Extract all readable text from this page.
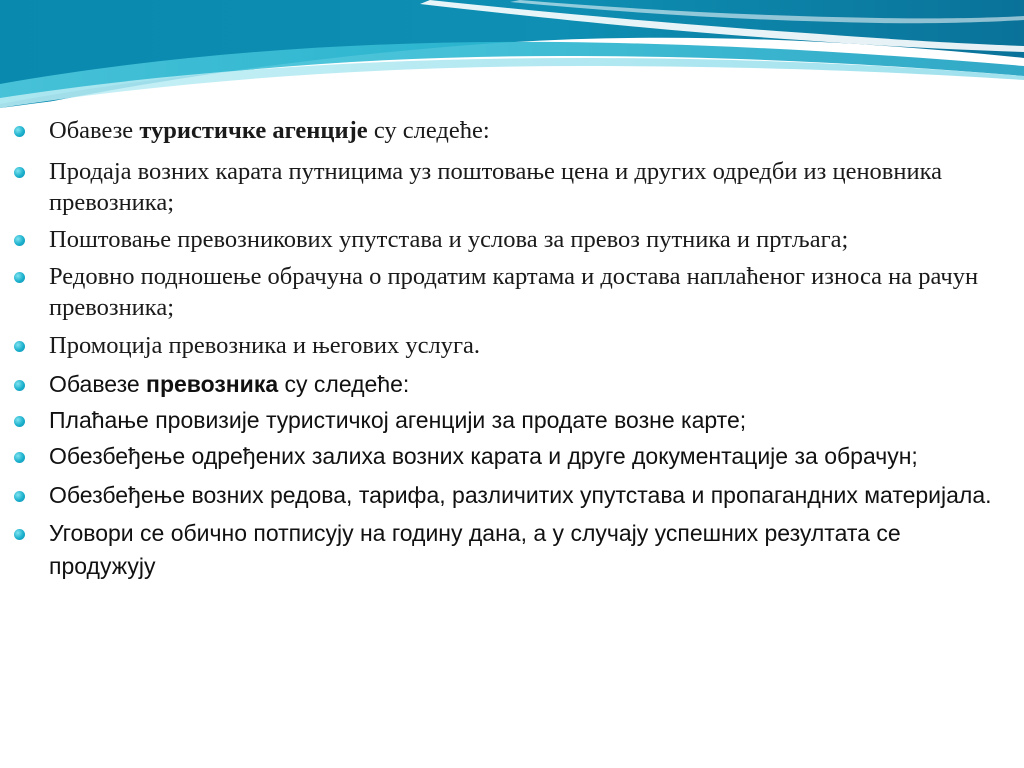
Обавезе туристичке агенције су следеће:
Продаја возних карата путницима уз поштовање цена и других одредби из ценовника превозника;
Поштовање превозникових упутстава и услова за превоз путника и пртљага;
Редовно подношење обрачуна о продатим картама и достава наплаћеног износа на рачун превозника;
Промоција превозника и његових услуга.
Обавезе превозника су следеће:
Плаћање провизије туристичкој агенцији за продате возне карте;
Обезбеђење одређених залиха возних карата и друге документације за обрачун;
Обезбеђење возних редова, тарифа, различитих упутстава и пропагандних материјала.
Уговори се обично потписују на годину дана, а у случају успешних резултата се продужују
